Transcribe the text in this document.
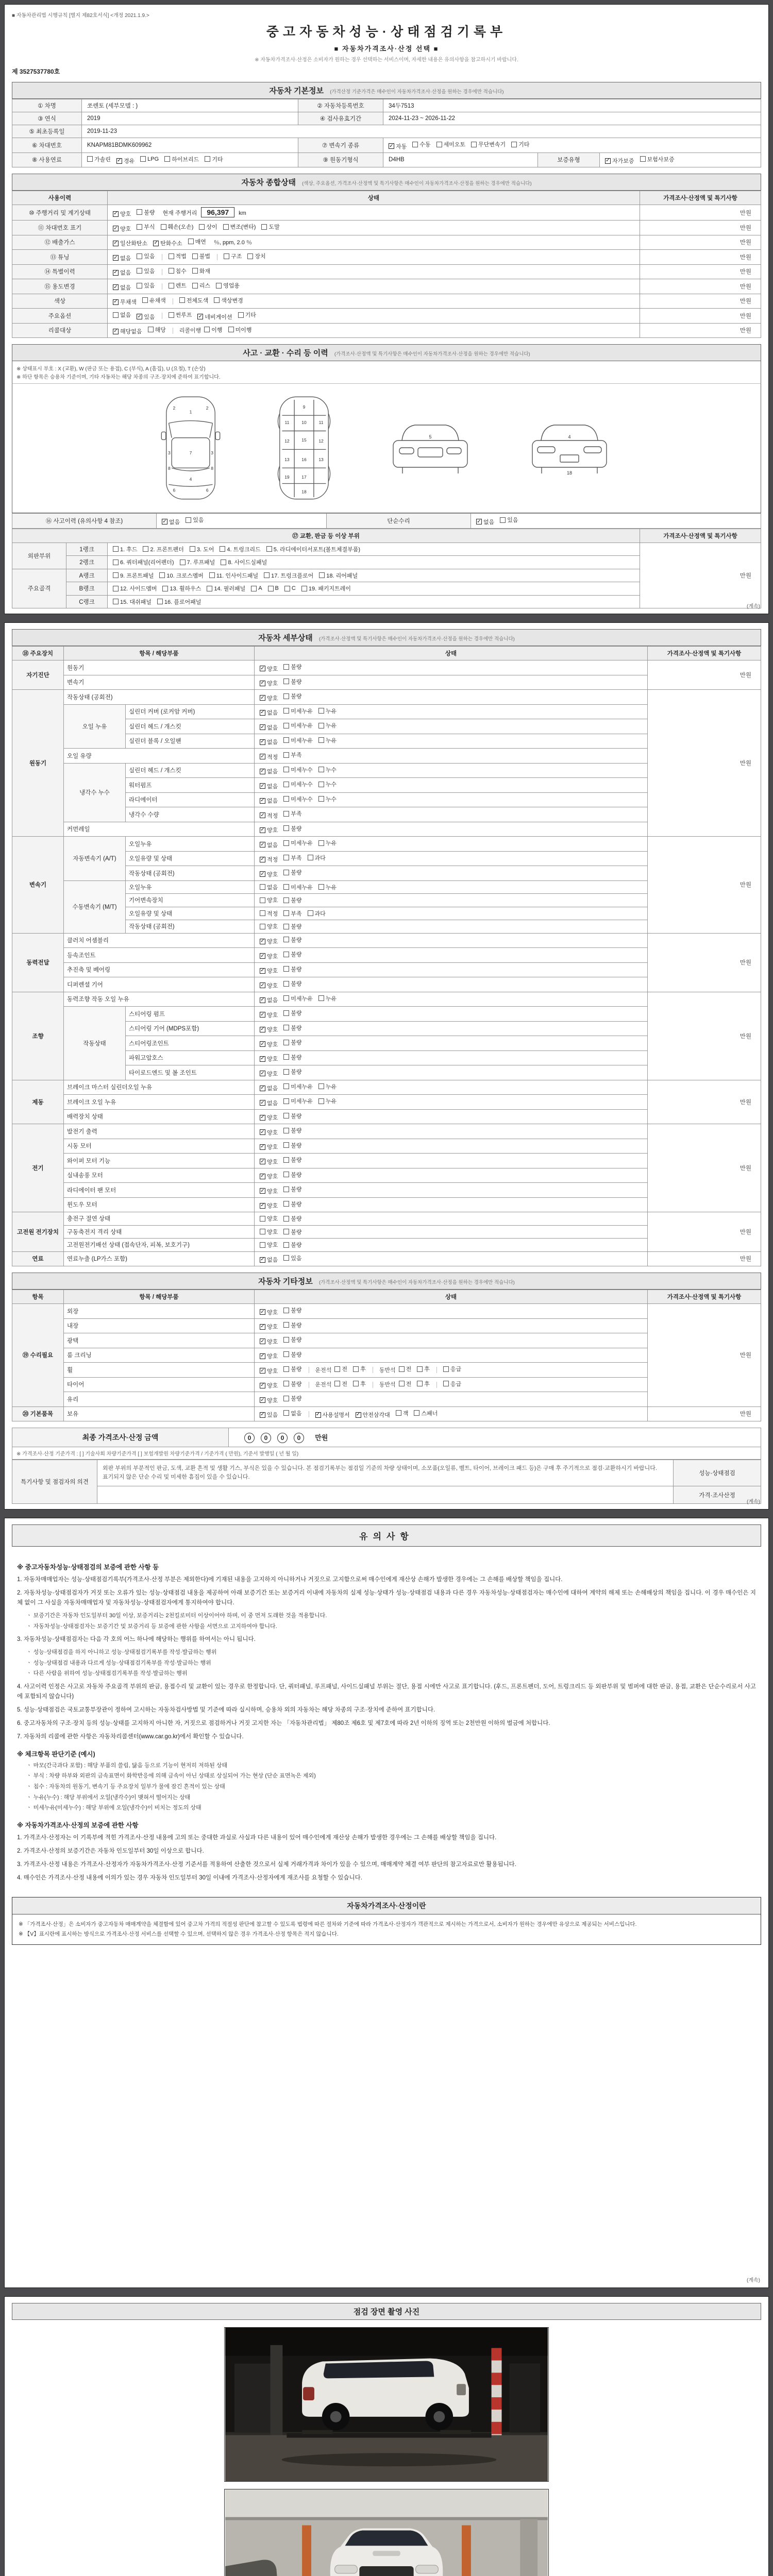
■ 자동차관리법 시행규칙 [별지 제82호서식] <개정 2021.1.9.>
중고자동차성능·상태점검기록부
■ 자동차가격조사·산정 선택 ■
※ 자동차가격조사·산정은 소비자가 원하는 경우 선택하는 서비스이며, 자세한 내용은 유의사항을 참고하시기 바랍니다.
제 3527537780호
자동차 기본정보 (가격산정 기준가격은 매수인이 자동차가격조사·산정을 원하는 경우에만 적습니다)
① 차명	쏘렌토 (세부모델 : )	② 자동차등록번호	34두7513		
③ 연식	2019	④ 검사유효기간	2024-11-23 ~ 2026-11-22		
⑤ 최초등록일	2019-11-23				
⑥ 차대번호	KNAPM81BDMK609962	⑦ 변속기 종류	✓ 자동 수동 세미오토 무단변속기 기타

⑧ 사용연료	가솔린 ✓ 경유 LPG 하이브리드 기타	⑨ 원동기형식	D4HB	보증유형	✓ 자가보증 보험사보증
자동차 종합상태 (색상, 주요옵션, 가격조사·산정액 및 특기사항은 매수인이 자동차가격조사·산정을 원하는 경우에만 적습니다)
사용이력	상태	가격조사·산정액 및 특기사항
⑩ 주행거리 및 계기상태	✓ 양호 불량 현재 주행거리 96,397 km	만원
⑪ 차대번호 표기	✓ 양호 부식 훼손(오손) 상이 변조(변타) 도말	만원
⑫ 배출가스	✓ 일산화탄소 ✓ 탄화수소 매연 ％, ppm, 2.0 ％	만원
⑬ 튜닝	✓ 없음 있음	적법 불법	구조 장치	만원
⑭ 특별이력	✓ 없음 있음 침수 화재	만원
⑮ 용도변경	✓ 없음 있음	렌트 리스 영업용	만원
색상	✓ 무채색 유채색 전체도색 색상변경	만원
주요옵션	없음 ✓ 있음	썬루프 ✓ 네비게이션 기타	만원
리콜대상	✓ 해당없음 해당 리콜이행 이행 미이행	만원
사고 · 교환 · 수리 등 이력 (가격조사·산정액 및 특기사항은 매수인이 자동차가격조사·산정을 원하는 경우에만 적습니다)

※ 상태표시 부호 : X (교환), W (판금 또는 용접), C (부식), A (흠집), U (요철), T (손상)

※ 하단 항목은 승용차 기준이며, 기타 자동차는 해당 차종의 구조·장치에 준하여 표기합니다.

1
2	2
3	3
7
6	6
4
8	8
9
10
11	11
12	12
13	13
15
16
17
18
19
5	4
18
⑯ 사고이력 (유의사항 4 참조)	✓ 없음 있음	단순수리	✓ 없음 있음
⑰ 교환, 판금 등 이상 부위			가격조사·산정액 및 특기사항
외판부위	1랭크	1. 후드 2. 프론트펜더 3. 도어 4. 트렁크리드 5. 라디에이터서포트(볼트체결부품)	만원
	2랭크	6. 쿼터패널(리어펜더) 7. 루프패널 8. 사이드실패널	

주요골격	A랭크	9. 프론트패널 10. 크로스멤버 11. 인사이드패널 17. 트렁크플로어 18. 리어패널	

B랭크	12. 사이드멤버 13. 휠하우스 14. 필러패널 A B C 19. 패키지트레이

	C랭크	15. 대쉬패널 16. 플로어패널	
(계속)
자동차 세부상태 (가격조사·산정액 및 특기사항은 매수인이 자동차가격조사·산정을 원하는 경우에만 적습니다)
⑱ 주요장치	항목 / 해당부품		상태	가격조사·산정액 및 특기사항
자기진단	원동기		✓ 양호 불량	만원
	변속기		✓ 양호 불량	

원동기	작동상태 (공회전)		✓ 양호 불량	만원
	오일 누유	실린더 커버 (로커암 커버)	✓ 없음 미세누유 누유	

		실린더 헤드 / 개스킷	✓ 없음 미세누유 누유	

		실린더 블록 / 오일팬	✓ 없음 미세누유 누유	

	오일 유량		✓ 적정 부족	

	냉각수 누수	실린더 헤드 / 개스킷	✓ 없음 미세누수 누수	

		워터펌프	✓ 없음 미세누수 누수	

		라디에이터	✓ 없음 미세누수 누수	

		냉각수 수량	✓ 적정 부족	

	커먼레일		✓ 양호 불량	

변속기	자동변속기 (A/T)	오일누유	✓ 없음 미세누유 누유	만원
		오일유량 및 상태	✓ 적정 부족 과다	

		작동상태 (공회전)	✓ 양호 불량	

	수동변속기 (M/T)	오일누유	없음 미세누유 누유	

		기어변속장치	양호 불량	

		오일유량 및 상태	적정 부족 과다	

		작동상태 (공회전)	양호 불량	

동력전달	클러치 어셈블리		✓ 양호 불량	만원
	등속조인트		✓ 양호 불량	

	추진축 및 베어링		✓ 양호 불량	

	디퍼렌셜 기어		✓ 양호 불량	

조향	동력조향 작동 오일 누유		✓ 없음 미세누유 누유	만원
	작동상태	스티어링 펌프	✓ 양호 불량	

		스티어링 기어 (MDPS포함)	✓ 양호 불량	

		스티어링조인트	✓ 양호 불량	

		파워고압호스	✓ 양호 불량	

		타이로드엔드 및 볼 조인트	✓ 양호 불량	

제동	브레이크 마스터 실린더오일 누유		✓ 없음 미세누유 누유	만원
	브레이크 오일 누유		✓ 없음 미세누유 누유	

	배력장치 상태		✓ 양호 불량	

전기	발전기 출력		✓ 양호 불량	만원
	시동 모터		✓ 양호 불량	

	와이퍼 모터 기능		✓ 양호 불량	

	실내송풍 모터		✓ 양호 불량	

	라디에이터 팬 모터		✓ 양호 불량	

	윈도우 모터		✓ 양호 불량	

고전원 전기장치	충전구 절연 상태		양호 불량	만원
	구동축전지 격리 상태		양호 불량	

	고전원전기배선 상태 (접속단자, 피복, 보호기구)		양호 불량	

연료	연료누출 (LP가스 포함)		✓ 없음 있음	만원
자동차 기타정보 (가격조사·산정액 및 특기사항은 매수인이 자동차가격조사·산정을 원하는 경우에만 적습니다)
항목	항목 / 해당부품	상태	가격조사·산정액 및 특기사항
⑲ 수리필요	외장	✓ 양호 불량	만원
	내장	✓ 양호 불량	

	광택	✓ 양호 불량	

	룸 크리닝	✓ 양호 불량	

휠	✓ 양호 불량 운전석 전 후 동반석 전 후	응급

타이어	✓ 양호 불량 운전석 전 후 동반석 전 후	응급

	유리	✓ 양호 불량	

⑳ 기본품목	보유	✓ 있음 없음	✓ 사용설명서 ✓ 안전삼각대 잭 스패너	만원
최종 가격조사·산정 금액	0 0 0 0 만원
※ 가격조사·산정 기준가격 : [ ] 기술사회 차량기준가격 [ ] 보험개발원 차량기준가격 / 기준가격 ( 만원), 기준서 발행일 ( 년 월 일)
특기사항 및 점검자의 의견	외판 부위의 부분적인 판금, 도색, 교환 흔적 및 생활 기스, 부식은 있을 수 있습니다. 본 점검기록부는 점검일 기준의 차량 상태이며, 소모품(오일류, 벨트, 타이어, 브레이크 패드 등)은 구매 후 주기적으로 점검·교환하시기 바랍니다. 표기되지 않은 단순 수리 및 미세한 흠집이 있을 수 있습니다.	성능·상태점검
		가격·조사산정
(계속)
유의사항
※ 중고자동차성능·상태점검의 보증에 관한 사항 등

1. 자동차매매업자는 성능·상태점검기록부(가격조사·산정 부분은 제외한다)에 기재된 내용을 고지하지 아니하거나 거짓으로 고지함으로써 매수인에게 재산상 손해가 발생한 경우에는 그 손해를 배상할 책임을 집니다.

2. 자동차성능·상태점검자가 거짓 또는 오류가 있는 성능·상태점검 내용을 제공하여 아래 보증기간 또는 보증거리 이내에 자동차의 실제 성능·상태가 성능·상태점검 내용과 다른 경우 자동차성능·상태점검자는 매수인에 대하여 계약의 해제 또는 손해배상의 책임을 집니다. 이 경우 매수인은 지체 없이 그 사실을 자동차매매업자 및 자동차성능·상태점검자에게 통지하여야 합니다.

ㆍ 보증기간은 자동차 인도일부터 30일 이상, 보증거리는 2천킬로미터 이상이어야 하며, 이 중 먼저 도래한 것을 적용합니다.

ㆍ 자동차성능·상태점검자는 보증기간 및 보증거리 등 보증에 관한 사항을 서면으로 고지하여야 합니다.

3. 자동차성능·상태점검자는 다음 각 호의 어느 하나에 해당하는 행위를 하여서는 아니 됩니다.

ㆍ 성능·상태점검을 하지 아니하고 성능·상태점검기록부를 작성·발급하는 행위

ㆍ 성능·상태점검 내용과 다르게 성능·상태점검기록부를 작성·발급하는 행위

ㆍ 다른 사람을 위하여 성능·상태점검기록부를 작성·발급하는 행위

4. 사고이력 인정은 사고로 자동차 주요골격 부위의 판금, 용접수리 및 교환이 있는 경우로 한정합니다. 단, 쿼터패널, 루프패널, 사이드실패널 부위는 절단, 용접 시에만 사고로 표기합니다. (후드, 프론트펜더, 도어, 트렁크리드 등 외판부위 및 범퍼에 대한 판금, 용접, 교환은 단순수리로서 사고에 포함되지 않습니다)

5. 성능·상태점검은 국토교통부장관이 정하여 고시하는 자동차검사방법 및 기준에 따라 실시하며, 승용차 외의 자동차는 해당 차종의 구조·장치에 준하여 표기합니다.

6. 중고자동차의 구조·장치 등의 성능·상태를 고지하지 아니한 자, 거짓으로 점검하거나 거짓 고지한 자는 「자동차관리법」 제80조 제6호 및 제7호에 따라 2년 이하의 징역 또는 2천만원 이하의 벌금에 처합니다.

7. 자동차의 리콜에 관한 사항은 자동차리콜센터(www.car.go.kr)에서 확인할 수 있습니다.

※ 체크항목 판단기준 (예시)

ㆍ 마모(간극과다 포함) : 해당 부품의 쓸림, 닳음 등으로 기능이 현저히 저하된 상태

ㆍ 부식 : 차량 하부와 외판의 금속표면이 화학반응에 의해 금속이 아닌 상태로 상실되어 가는 현상 (단순 표면녹은 제외)

ㆍ 침수 : 자동차의 원동기, 변속기 등 주요장치 일부가 물에 잠긴 흔적이 있는 상태

ㆍ 누유(누수) : 해당 부위에서 오일(냉각수)이 맺혀서 떨어지는 상태

ㆍ 미세누유(미세누수) : 해당 부위에 오일(냉각수)이 비치는 정도의 상태

※ 자동차가격조사·산정의 보증에 관한 사항

1. 가격조사·산정자는 이 기록부에 적힌 가격조사·산정 내용에 고의 또는 중대한 과실로 사실과 다른 내용이 있어 매수인에게 재산상 손해가 발생한 경우에는 그 손해를 배상할 책임을 집니다.

2. 가격조사·산정의 보증기간은 자동차 인도일부터 30일 이상으로 합니다.

3. 가격조사·산정 내용은 가격조사·산정자가 자동차가격조사·산정 기준서를 적용하여 산출한 것으로서 실제 거래가격과 차이가 있을 수 있으며, 매매계약 체결 여부 판단의 참고자료로만 활용됩니다.

4. 매수인은 가격조사·산정 내용에 이의가 있는 경우 자동차 인도일부터 30일 이내에 가격조사·산정자에게 재조사를 요청할 수 있습니다.

자동차가격조사·산정이란

※ 「가격조사·산정」은 소비자가 중고자동차 매매계약을 체결함에 있어 중고차 가격의 적절성 판단에 참고할 수 있도록 법령에 따른 절차와 기준에 따라 가격조사·산정자가 객관적으로 제시하는 가격으로서, 소비자가 원하는 경우에만 유상으로 제공되는 서비스입니다.

※ 【V】표시란에 표시하는 방식으로 가격조사·산정 서비스를 선택할 수 있으며, 선택하지 않은 경우 가격조사·산정 항목은 적지 않습니다.

(계속)
점검 장면 촬영 사진
